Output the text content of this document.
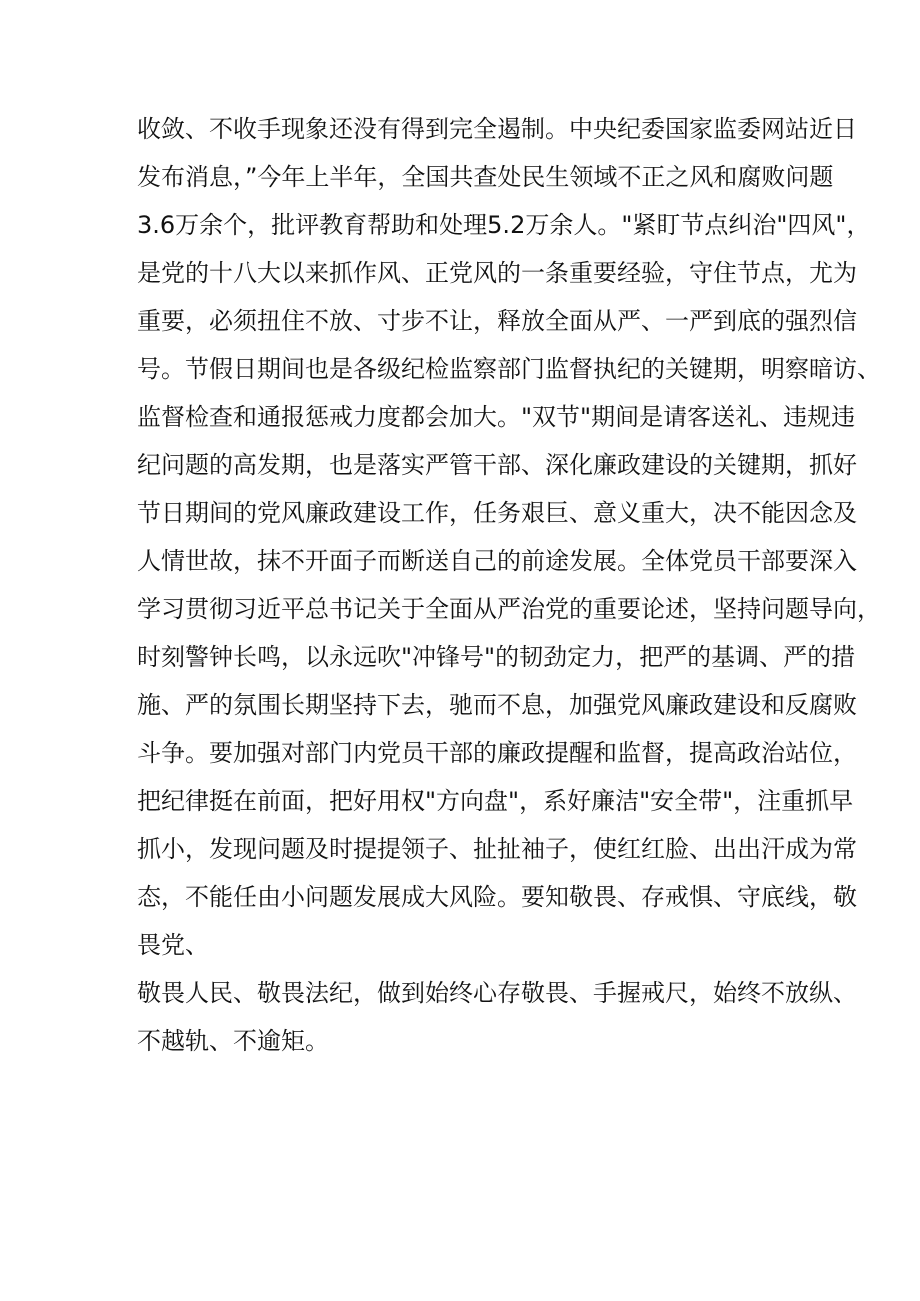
收敛、不收手现象还没有得到完全遏制。中央纪委国家监委网站近日
发布消息，”今年上半年，全国共查处民生领域不正之风和腐败问题
3.6万余个，批评教育帮助和处理5.2万余人。"紧盯节点纠治"四风"，
是党的十八大以来抓作风、正党风的一条重要经验，守住节点，尤为
重要，必须扭住不放、寸步不让，释放全面从严、一严到底的强烈信
号。节假日期间也是各级纪检监察部门监督执纪的关键期，明察暗访、
监督检查和通报惩戒力度都会加大。"双节"期间是请客送礼、违规违
纪问题的高发期，也是落实严管干部、深化廉政建设的关键期，抓好
节日期间的党风廉政建设工作，任务艰巨、意义重大，决不能因念及
人情世故，抹不开面子而断送自己的前途发展。全体党员干部要深入
学习贯彻习近平总书记关于全面从严治党的重要论述，坚持问题导向，
时刻警钟长鸣，以永远吹"冲锋号"的韧劲定力，把严的基调、严的措
施、严的氛围长期坚持下去，驰而不息，加强党风廉政建设和反腐败
斗争。要加强对部门内党员干部的廉政提醒和监督，提高政治站位，
把纪律挺在前面，把好用权"方向盘"，系好廉洁"安全带"，注重抓早
抓小，发现问题及时提提领子、扯扯袖子，使红红脸、出出汗成为常
态，不能任由小问题发展成大风险。要知敬畏、存戒惧、守底线，敬
畏党、
敬畏人民、敬畏法纪，做到始终心存敬畏、手握戒尺，始终不放纵、
不越轨、不逾矩。
